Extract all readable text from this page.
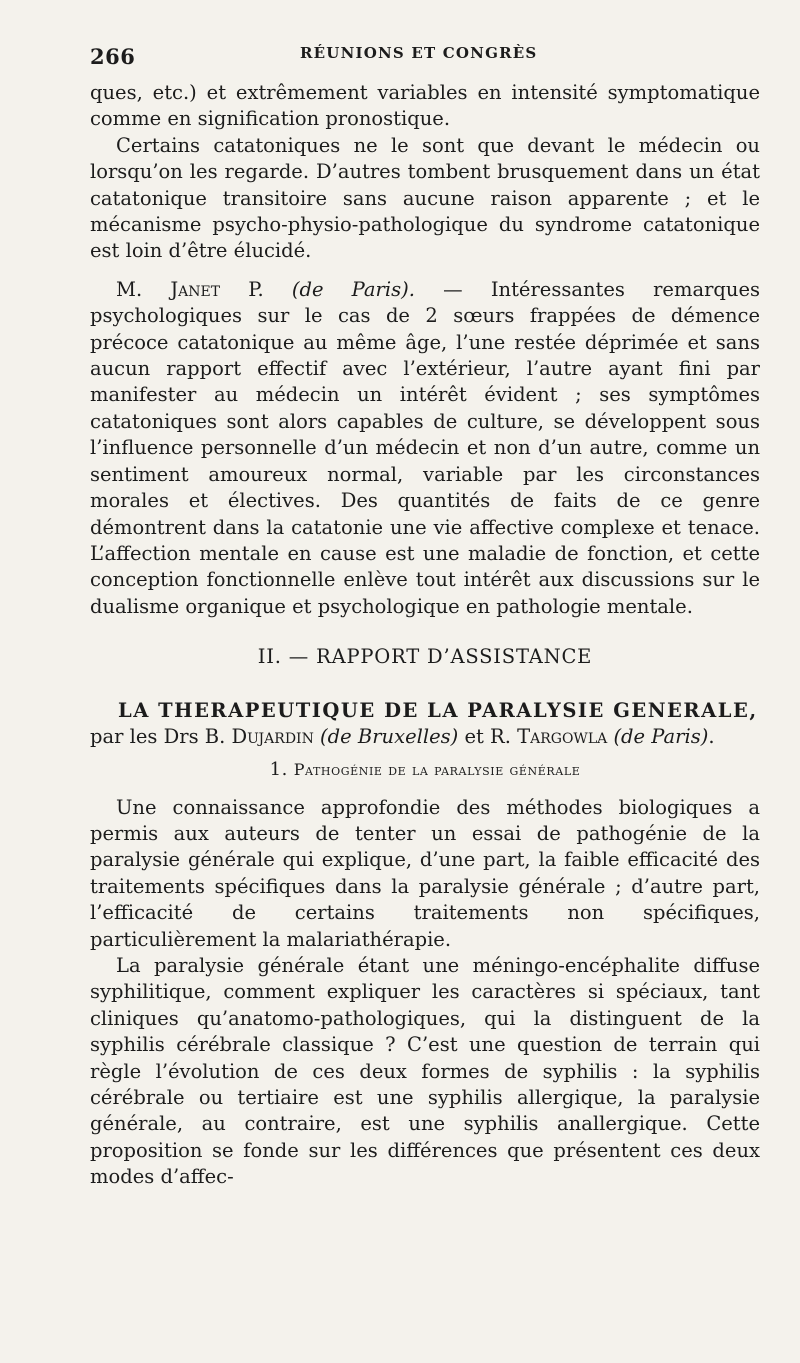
266	RÉUNIONS ET CONGRÈS

ques, etc.) et extrêmement variables en intensité symptomatique comme en signification pronostique.

Certains catatoniques ne le sont que devant le médecin ou lorsqu’on les regarde. D’autres tombent brusquement dans un état catatonique transitoire sans aucune raison apparente ; et le mécanisme psycho-physio-pathologique du syndrome catatonique est loin d’être élucidé.

M. Janet P. (de Paris). — Intéressantes remarques psychologiques sur le cas de 2 sœurs frappées de démence précoce catatonique au même âge, l’une restée déprimée et sans aucun rapport effectif avec l’extérieur, l’autre ayant fini par manifester au médecin un intérêt évident ; ses symptômes catatoniques sont alors capables de culture, se développent sous l’influence personnelle d’un médecin et non d’un autre, comme un sentiment amoureux normal, variable par les circonstances morales et électives. Des quantités de faits de ce genre démontrent dans la catatonie une vie affective complexe et tenace. L’affection mentale en cause est une maladie de fonction, et cette conception fonctionnelle enlève tout intérêt aux discussions sur le dualisme organique et psychologique en pathologie mentale.

II. — RAPPORT D’ASSISTANCE
LA THERAPEUTIQUE DE LA PARALYSIE GENERALE,

par les Drs B. Dujardin (de Bruxelles) et R. Targowla (de Paris).

1. Pathogénie de la paralysie générale

Une connaissance approfondie des méthodes biologiques a permis aux auteurs de tenter un essai de pathogénie de la paralysie générale qui explique, d’une part, la faible efficacité des traitements spécifiques dans la paralysie générale ; d’autre part, l’efficacité de certains traitements non spécifiques, particulièrement la malariathérapie.

La paralysie générale étant une méningo-encéphalite diffuse syphilitique, comment expliquer les caractères si spéciaux, tant cliniques qu’anatomo-pathologiques, qui la distinguent de la syphilis cérébrale classique ? C’est une question de terrain qui règle l’évolution de ces deux formes de syphilis : la syphilis cérébrale ou tertiaire est une syphilis allergique, la paralysie générale, au contraire, est une syphilis anallergique. Cette proposition se fonde sur les différences que présentent ces deux modes d’affec-
